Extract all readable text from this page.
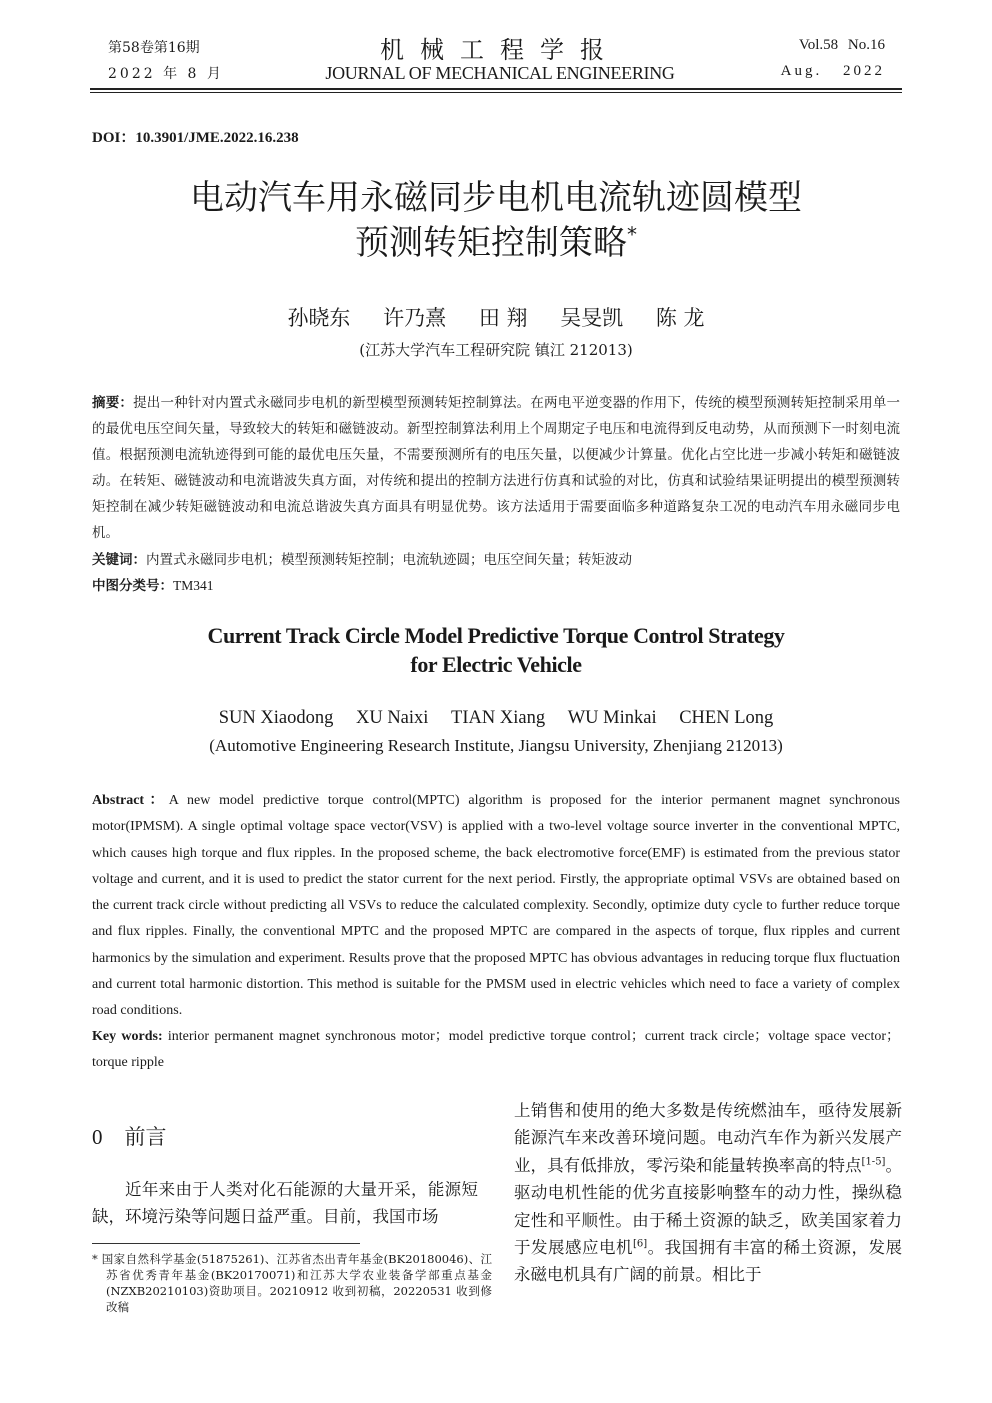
第58卷第16期
2022 年 8 月
机械工程学报
JOURNAL OF MECHANICAL ENGINEERING
Vol.58 No.16
Aug. 2022
DOI：10.3901/JME.2022.16.238
电动汽车用永磁同步电机电流轨迹圆模型
预测转矩控制策略*
孙晓东 许乃熹 田 翔 吴旻凯 陈 龙
(江苏大学汽车工程研究院 镇江 212013)
摘要：提出一种针对内置式永磁同步电机的新型模型预测转矩控制算法。在两电平逆变器的作用下，传统的模型预测转矩控制采用单一的最优电压空间矢量，导致较大的转矩和磁链波动。新型控制算法利用上个周期定子电压和电流得到反电动势，从而预测下一时刻电流值。根据预测电流轨迹得到可能的最优电压矢量，不需要预测所有的电压矢量，以便减少计算量。优化占空比进一步减小转矩和磁链波动。在转矩、磁链波动和电流谐波失真方面，对传统和提出的控制方法进行仿真和试验的对比，仿真和试验结果证明提出的模型预测转矩控制在减少转矩磁链波动和电流总谐波失真方面具有明显优势。该方法适用于需要面临多种道路复杂工况的电动汽车用永磁同步电机。
关键词：内置式永磁同步电机；模型预测转矩控制；电流轨迹圆；电压空间矢量；转矩波动
中图分类号：TM341
Current Track Circle Model Predictive Torque Control Strategy
for Electric Vehicle
SUN Xiaodong XU Naixi TIAN Xiang WU Minkai CHEN Long
(Automotive Engineering Research Institute, Jiangsu University, Zhenjiang 212013)
Abstract：A new model predictive torque control(MPTC) algorithm is proposed for the interior permanent magnet synchronous motor(IPMSM). A single optimal voltage space vector(VSV) is applied with a two-level voltage source inverter in the conventional MPTC, which causes high torque and flux ripples. In the proposed scheme, the back electromotive force(EMF) is estimated from the previous stator voltage and current, and it is used to predict the stator current for the next period. Firstly, the appropriate optimal VSVs are obtained based on the current track circle without predicting all VSVs to reduce the calculated complexity. Secondly, optimize duty cycle to further reduce torque and flux ripples. Finally, the conventional MPTC and the proposed MPTC are compared in the aspects of torque, flux ripples and current harmonics by the simulation and experiment. Results prove that the proposed MPTC has obvious advantages in reducing torque flux fluctuation and current total harmonic distortion. This method is suitable for the PMSM used in electric vehicles which need to face a variety of complex road conditions.
Key words: interior permanent magnet synchronous motor；model predictive torque control；current track circle；voltage space vector；torque ripple
0 前言
近年来由于人类对化石能源的大量开采，能源短缺，环境污染等问题日益严重。目前，我国市场
* 国家自然科学基金(51875261)、江苏省杰出青年基金(BK20180046)、江苏省优秀青年基金(BK20170071)和江苏大学农业装备学部重点基金(NZXB20210103)资助项目。20210912 收到初稿，20220531 收到修改稿
上销售和使用的绝大多数是传统燃油车，亟待发展新能源汽车来改善环境问题。电动汽车作为新兴发展产业，具有低排放，零污染和能量转换率高的特点[1-5]。驱动电机性能的优劣直接影响整车的动力性，操纵稳定性和平顺性。由于稀土资源的缺乏，欧美国家着力于发展感应电机[6]。我国拥有丰富的稀土资源，发展永磁电机具有广阔的前景。相比于
